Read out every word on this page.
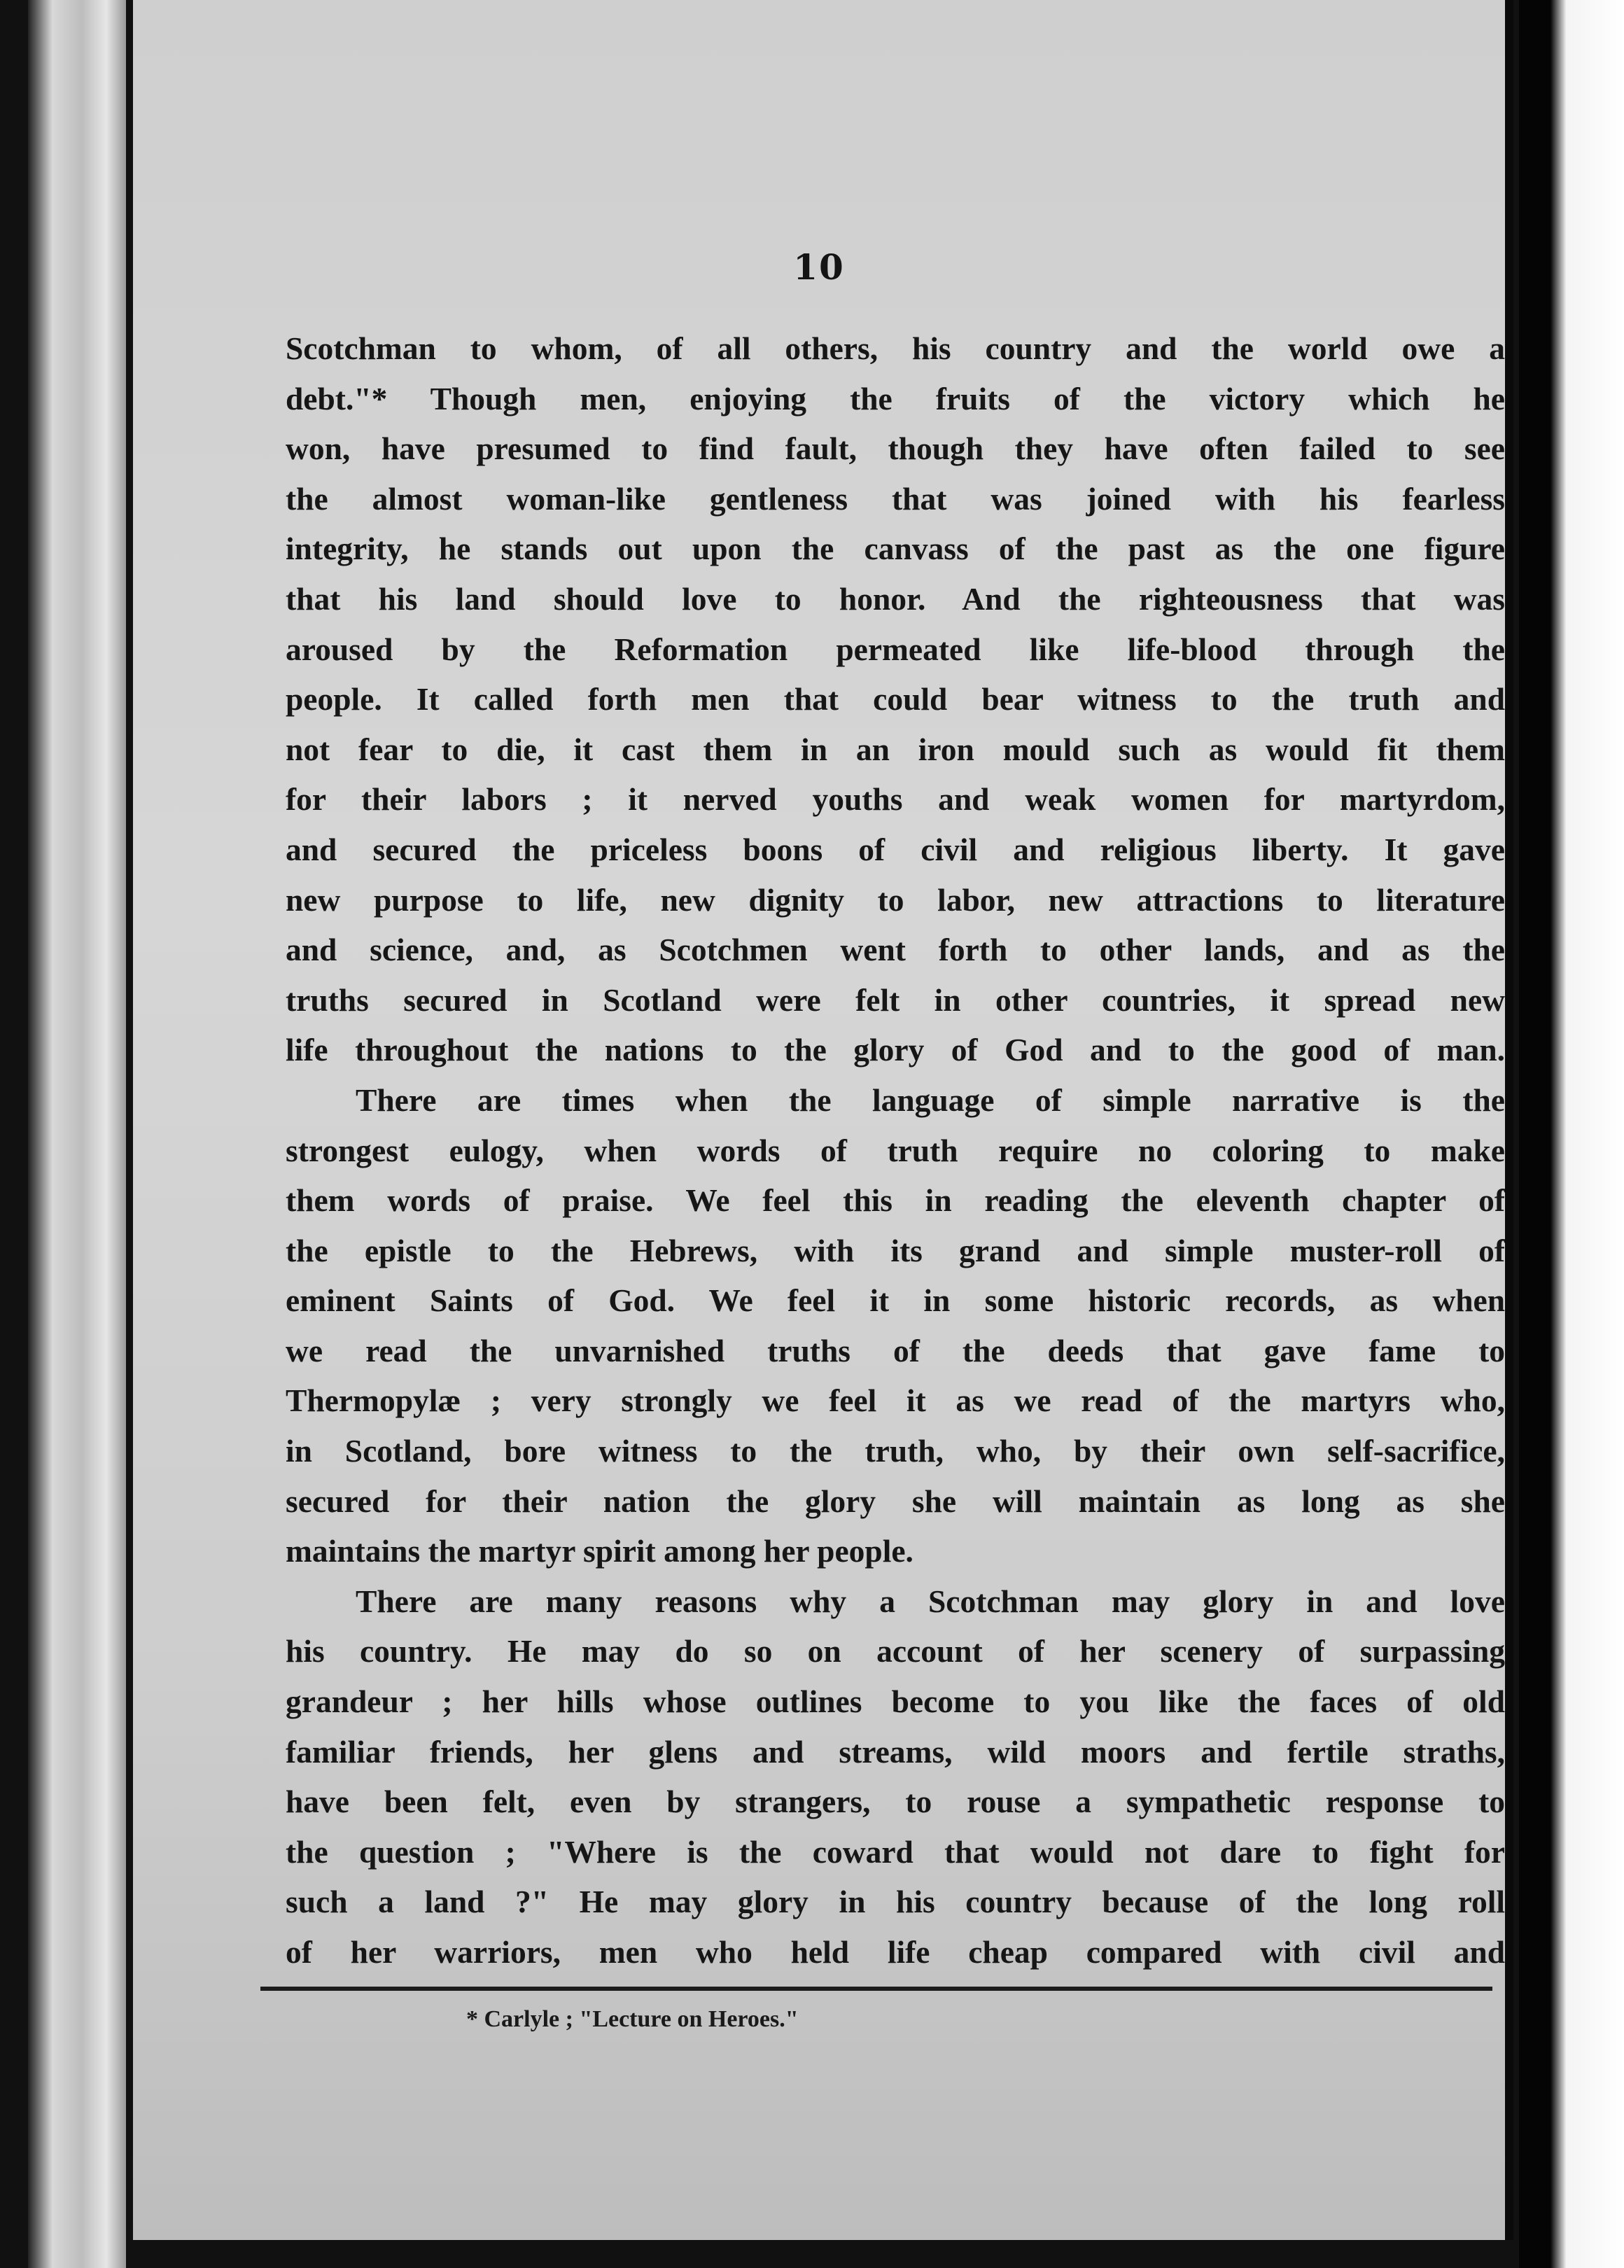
10
Scotchman to whom, of all others, his country and the world owe a
debt."* Though men, enjoying the fruits of the victory which he
won, have presumed to find fault, though they have often failed to see
the almost woman-like gentleness that was joined with his fearless
integrity, he stands out upon the canvass of the past as the one figure
that his land should love to honor. And the righteousness that was
aroused by the Reformation permeated like life-blood through the
people. It called forth men that could bear witness to the truth and
not fear to die, it cast them in an iron mould such as would fit them
for their labors ; it nerved youths and weak women for martyrdom,
and secured the priceless boons of civil and religious liberty. It gave
new purpose to life, new dignity to labor, new attractions to literature
and science, and, as Scotchmen went forth to other lands, and as the
truths secured in Scotland were felt in other countries, it spread new
life throughout the nations to the glory of God and to the good of man.
There are times when the language of simple narrative is the
strongest eulogy, when words of truth require no coloring to make
them words of praise. We feel this in reading the eleventh chapter of
the epistle to the Hebrews, with its grand and simple muster-roll of
eminent Saints of God. We feel it in some historic records, as when
we read the unvarnished truths of the deeds that gave fame to
Thermopylæ ; very strongly we feel it as we read of the martyrs who,
in Scotland, bore witness to the truth, who, by their own self-sacrifice,
secured for their nation the glory she will maintain as long as she
maintains the martyr spirit among her people.
There are many reasons why a Scotchman may glory in and love
his country. He may do so on account of her scenery of surpassing
grandeur ; her hills whose outlines become to you like the faces of old
familiar friends, her glens and streams, wild moors and fertile straths,
have been felt, even by strangers, to rouse a sympathetic response to
the question ; "Where is the coward that would not dare to fight for
such a land ?" He may glory in his country because of the long roll
of her warriors, men who held life cheap compared with civil and
* Carlyle ; "Lecture on Heroes."
